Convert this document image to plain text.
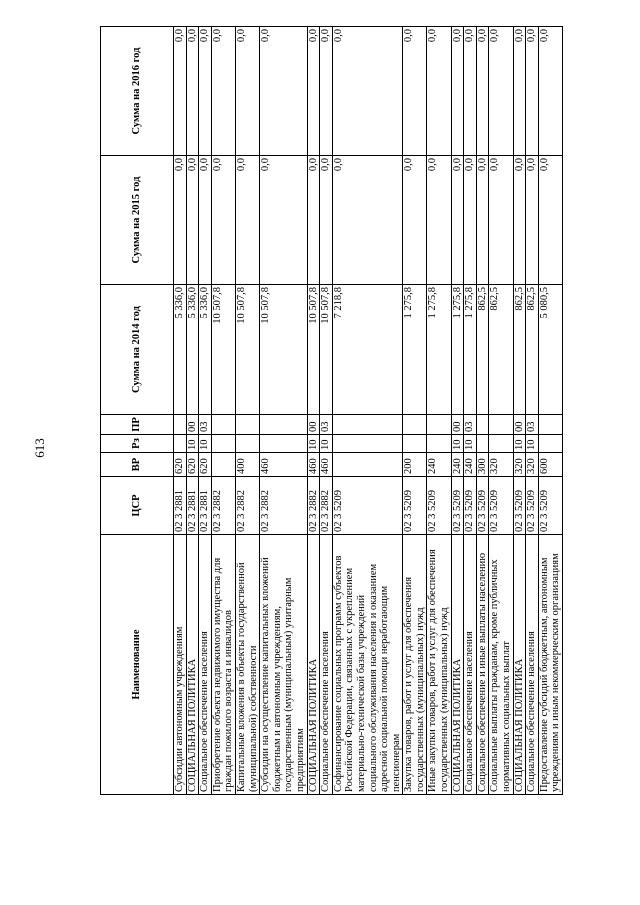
613
Наименование	ЦСР	ВР	Рз	ПР	Сумма на 2014 год	Сумма на 2015 год	Сумма на 2016 год
Субсидии автономным учреждениям	02 3 2881	620			5 336,0	0,0	0,0
СОЦИАЛЬНАЯ ПОЛИТИКА	02 3 2881	620	10	00	5 336,0	0,0	0,0
Социальное обеспечение населения	02 3 2881	620	10	03	5 336,0	0,0	0,0
Приобретение объекта недвижимого имущества для граждан пожилого возраста и инвалидов	02 3 2882				10 507,8	0,0	0,0
Капитальные вложения в объекты государственной (муниципальной) собственности	02 3 2882	400			10 507,8	0,0	0,0
Субсидии на осуществление капитальных вложений бюджетным и автономным учреждениям, государственным (муниципальным) унитарным предприятиям	02 3 2882	460			10 507,8	0,0	0,0
СОЦИАЛЬНАЯ ПОЛИТИКА	02 3 2882	460	10	00	10 507,8	0,0	0,0
Социальное обеспечение населения	02 3 2882	460	10	03	10 507,8	0,0	0,0
Софинансирование социальных программ субъектов Российской Федерации, связанных с укреплением материально-технической базы учреждений социального обслуживания населения и оказанием адресной социальной помощи неработающим пенсионерам	02 3 5209				7 218,8	0,0	0,0
Закупка товаров, работ и услуг для обеспечения государственных (муниципальных) нужд	02 3 5209	200			1 275,8	0,0	0,0
Иные закупки товаров, работ и услуг для обеспечения государственных (муниципальных) нужд	02 3 5209	240			1 275,8	0,0	0,0
СОЦИАЛЬНАЯ ПОЛИТИКА	02 3 5209	240	10	00	1 275,8	0,0	0,0
Социальное обеспечение населения	02 3 5209	240	10	03	1 275,8	0,0	0,0
Социальное обеспечение и иные выплаты населению	02 3 5209	300			862,5	0,0	0,0
Социальные выплаты гражданам, кроме публичных нормативных социальных выплат	02 3 5209	320			862,5	0,0	0,0
СОЦИАЛЬНАЯ ПОЛИТИКА	02 3 5209	320	10	00	862,5	0,0	0,0
Социальное обеспечение населения	02 3 5209	320	10	03	862,5	0,0	0,0
Предоставление субсидий бюджетным, автономным учреждениям и иным некоммерческим организациям	02 3 5209	600			5 080,5	0,0	0,0
